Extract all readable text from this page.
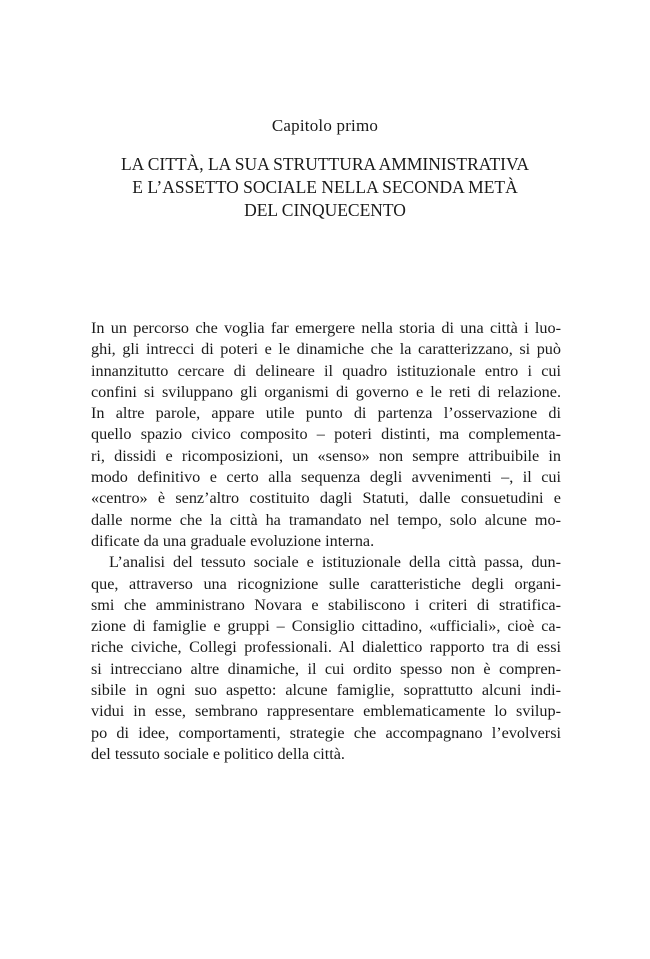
Capitolo primo
LA CITTÀ, LA SUA STRUTTURA AMMINISTRATIVA
E L’ASSETTO SOCIALE NELLA SECONDA METÀ
DEL CINQUECENTO
In un percorso che voglia far emergere nella storia di una città i luo-
ghi, gli intrecci di poteri e le dinamiche che la caratterizzano, si può
innanzitutto cercare di delineare il quadro istituzionale entro i cui
confini si sviluppano gli organismi di governo e le reti di relazione.
In altre parole, appare utile punto di partenza l’osservazione di
quello spazio civico composito – poteri distinti, ma complementa-
ri, dissidi e ricomposizioni, un «senso» non sempre attribuibile in
modo definitivo e certo alla sequenza degli avvenimenti –, il cui
«centro» è senz’altro costituito dagli Statuti, dalle consuetudini e
dalle norme che la città ha tramandato nel tempo, solo alcune mo-
dificate da una graduale evoluzione interna.
L’analisi del tessuto sociale e istituzionale della città passa, dun-
que, attraverso una ricognizione sulle caratteristiche degli organi-
smi che amministrano Novara e stabiliscono i criteri di stratifica-
zione di famiglie e gruppi – Consiglio cittadino, «ufficiali», cioè ca-
riche civiche, Collegi professionali. Al dialettico rapporto tra di essi
si intrecciano altre dinamiche, il cui ordito spesso non è compren-
sibile in ogni suo aspetto: alcune famiglie, soprattutto alcuni indi-
vidui in esse, sembrano rappresentare emblematicamente lo svilup-
po di idee, comportamenti, strategie che accompagnano l’evolversi
del tessuto sociale e politico della città.
